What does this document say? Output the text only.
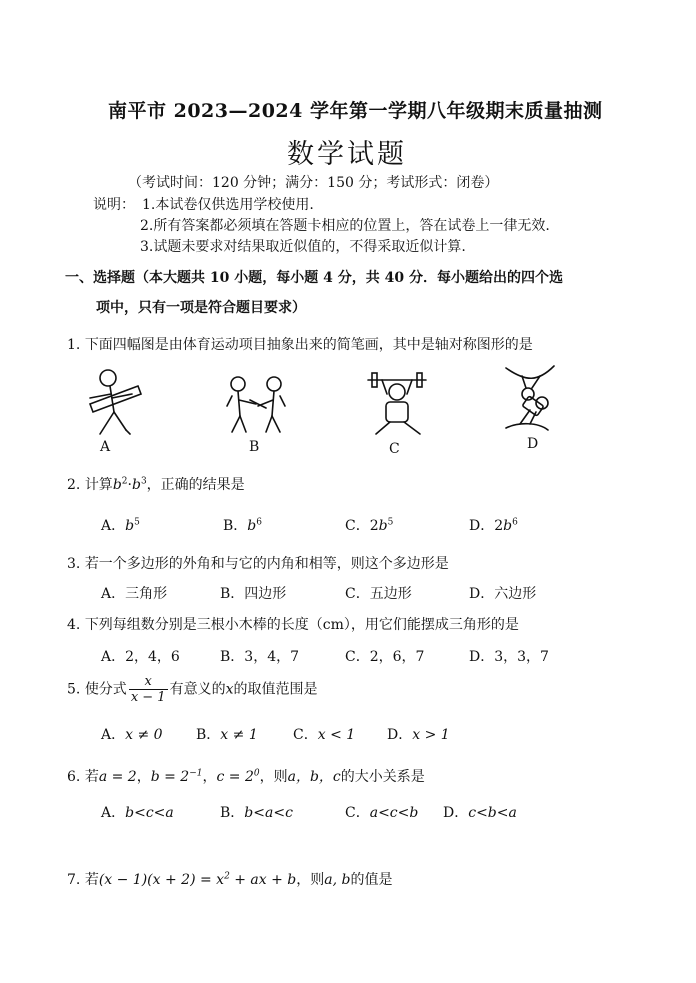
南平市 2023—2024 学年第一学期八年级期末质量抽测
数学试题
（考试时间：120 分钟；满分：150 分；考试形式：闭卷）
说明： 1.本试卷仅供选用学校使用.
2.所有答案都必须填在答题卡相应的位置上，答在试卷上一律无效.
3.试题未要求对结果取近似值的，不得采取近似计算.
一、选择题（本大题共 10 小题，每小题 4 分，共 40 分．每小题给出的四个选
项中，只有一项是符合题目要求）
1. 下面四幅图是由体育运动项目抽象出来的简笔画，其中是轴对称图形的是
A	B	C	D
2. 计算$b^2\cdot b^3$，正确的结果是
A．$b^5$	B．$b^6$	C．$2b^5$	D．$2b^6$
3. 若一个多边形的外角和与它的内角和相等，则这个多边形是
A．三角形	B．四边形	C．五边形	D．六边形
4. 下列每组数分别是三根小木棒的长度（cm），用它们能摆成三角形的是
A．2，4，6	B．3，4，7	C．2，6，7	D．3，3，7
5. 使分式 $\frac{x}{x - 1}$ 有意义的x的取值范围是
A．x ≠ 0 B．x ≠ 1	C．x < 1 D．x > 1
6. 若a = 2，$b = 2^{-1}$，$c = 2^0$，则a，b，c的大小关系是
A．b<c<a	B．b<a<c	C．a<c<b D．c<b<a
7. 若$(x - 1)(x + 2) = x^2$ + ax + b，则a, b的值是
